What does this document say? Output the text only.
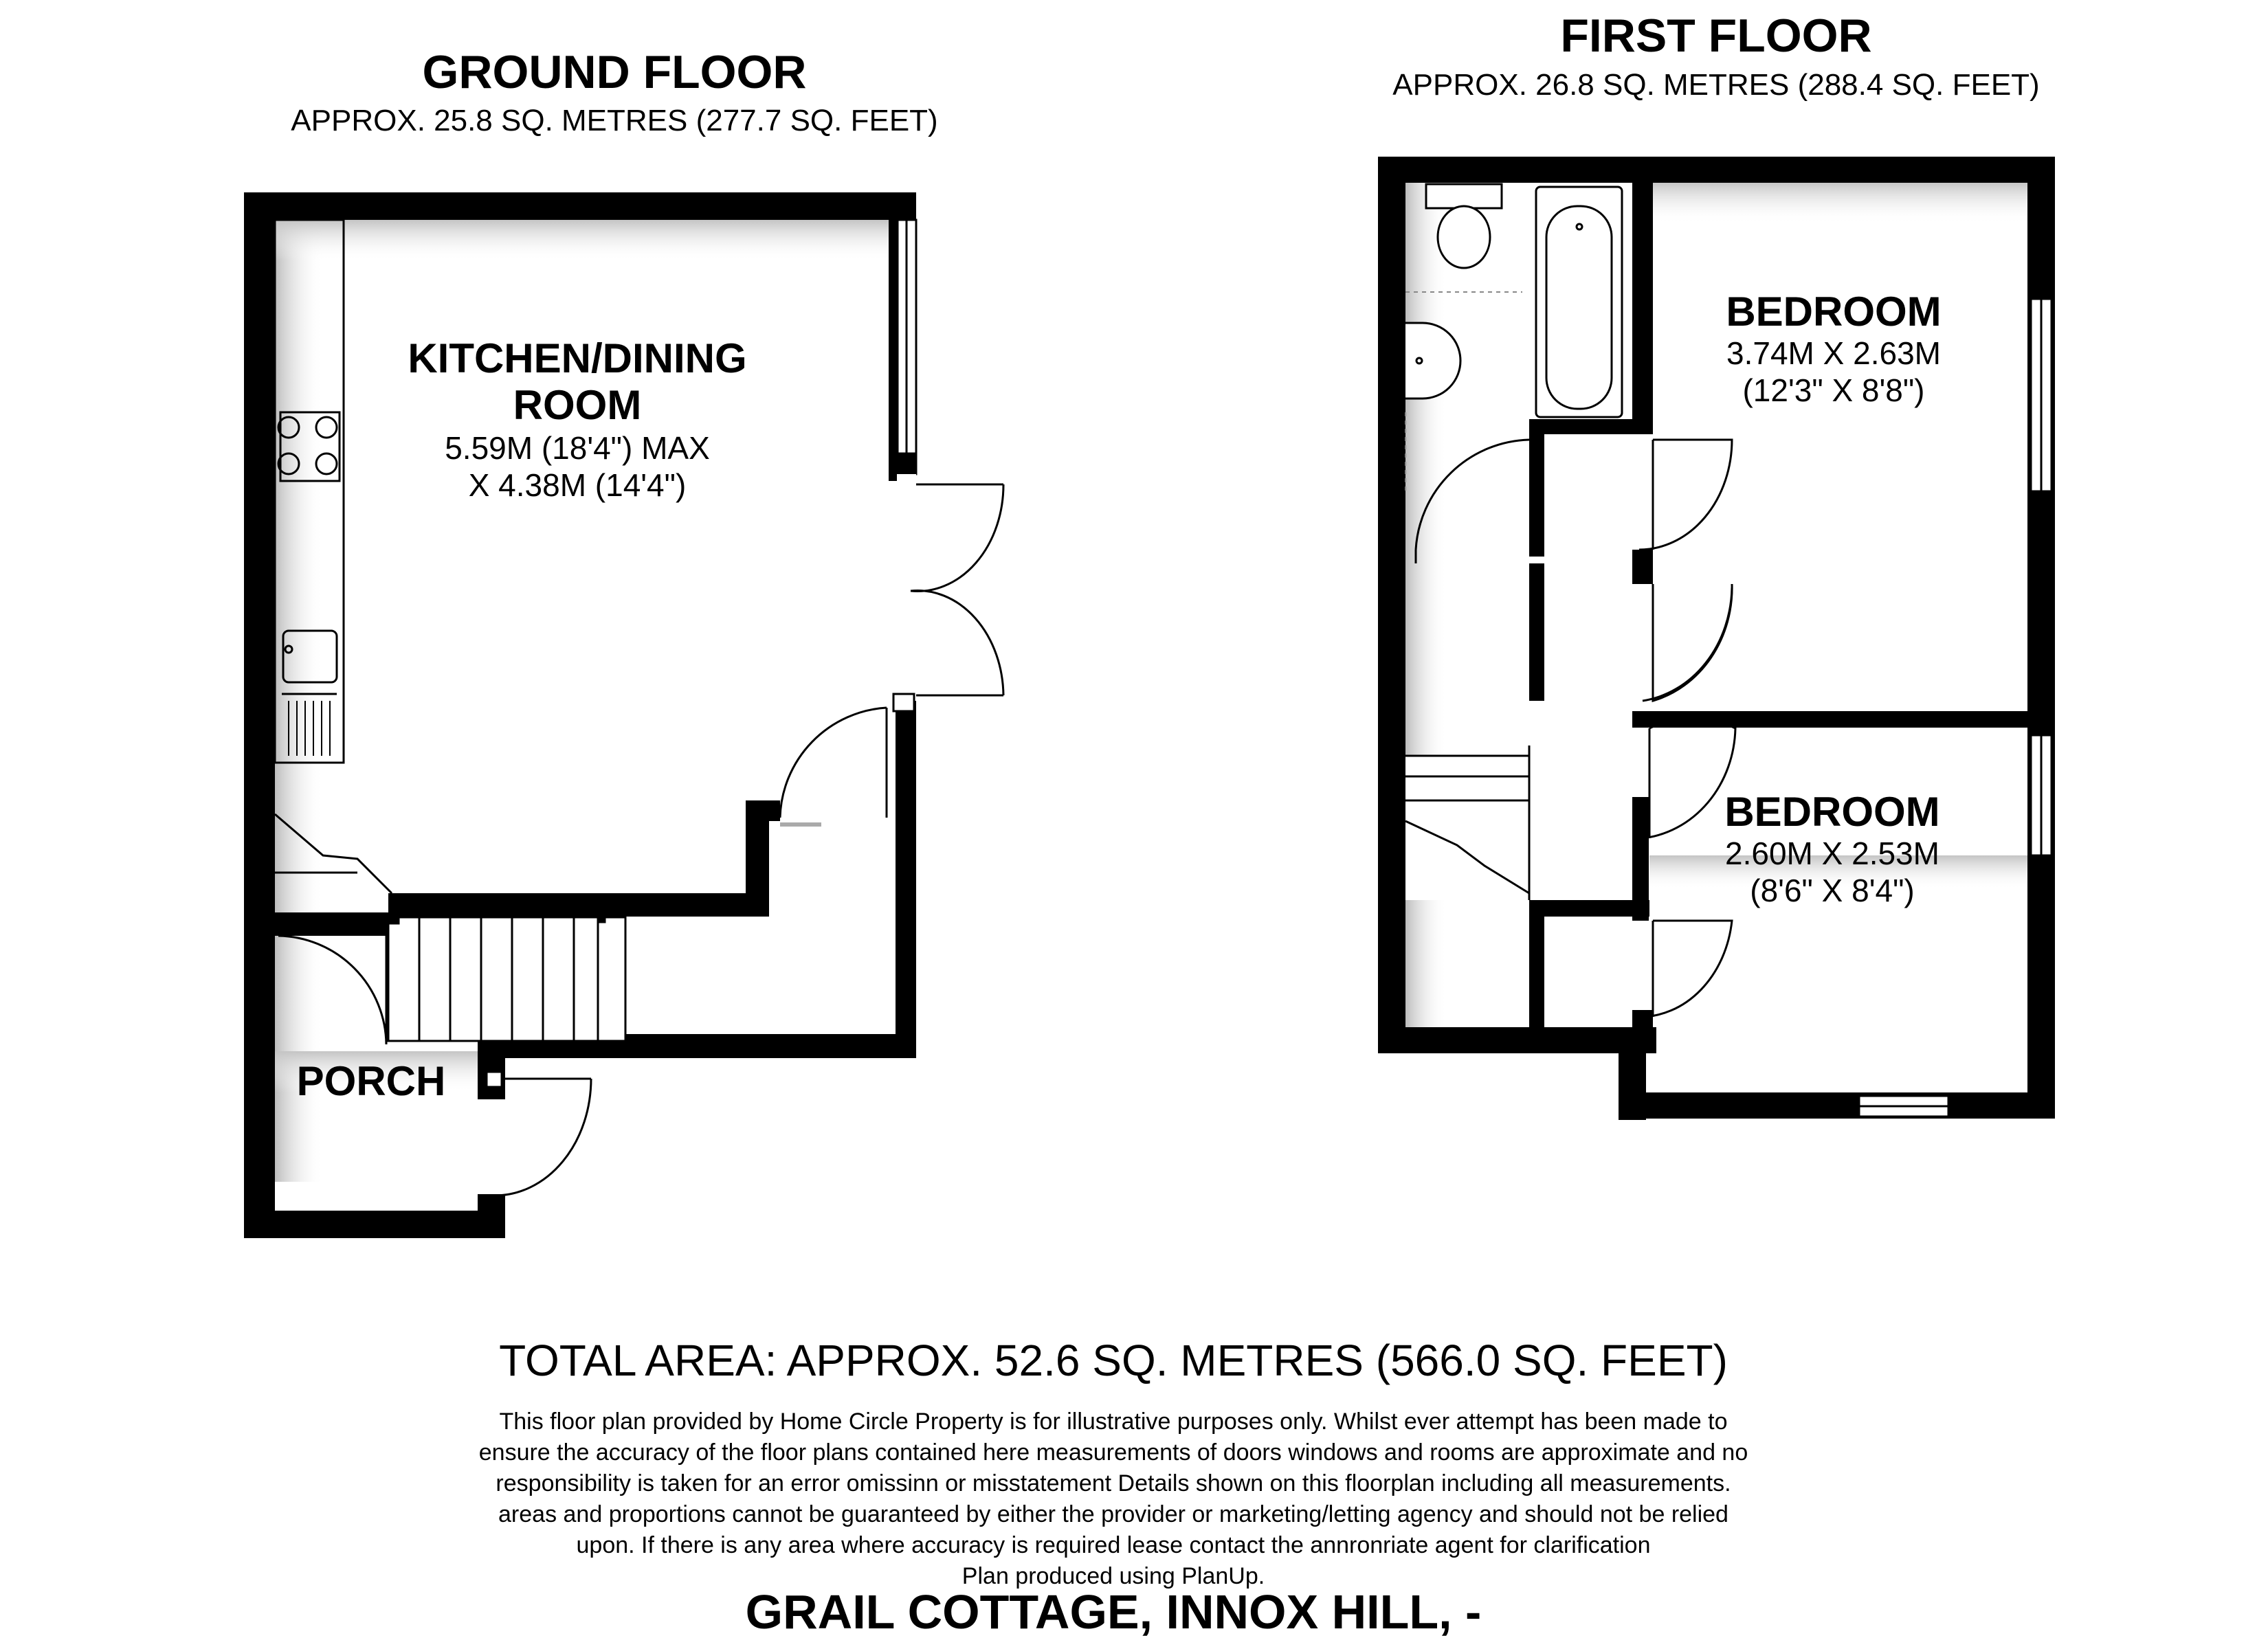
GROUND FLOOR
APPROX. 25.8 SQ. METRES (277.7 SQ. FEET)
FIRST FLOOR
APPROX. 26.8 SQ. METRES (288.4 SQ. FEET)
KITCHEN/DINING
ROOM
5.59M (18'4") MAX
X 4.38M (14'4")
PORCH
BEDROOM
3.74M X 2.63M
(12'3" X 8'8")
BEDROOM
2.60M X 2.53M
(8'6" X 8'4")
TOTAL AREA: APPROX. 52.6 SQ. METRES (566.0 SQ. FEET)
This floor plan provided by Home Circle Property is for illustrative purposes only. Whilst ever attempt has been made to
ensure the accuracy of the floor plans contained here measurements of doors windows and rooms are approximate and no
responsibility is taken for an error omissinn or misstatement Details shown on this floorplan including all measurements.
areas and proportions cannot be guaranteed by either the provider or marketing/letting agency and should not be relied
upon. If there is any area where accuracy is required lease contact the annronriate agent for clarification
Plan produced using PlanUp.
GRAIL COTTAGE, INNOX HILL, -
